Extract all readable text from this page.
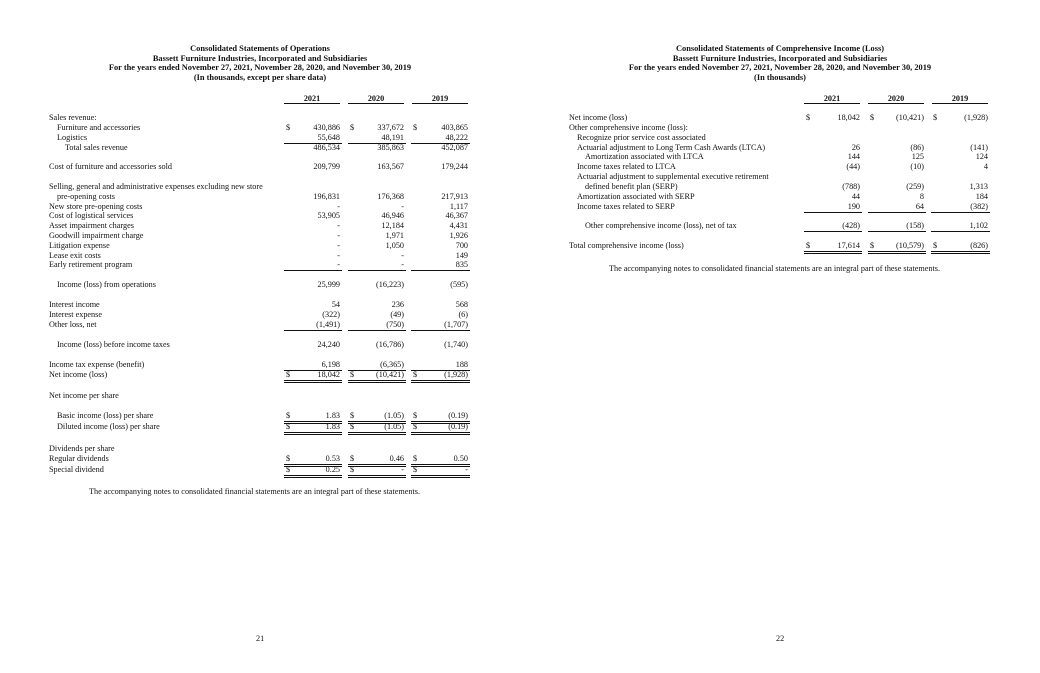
Consolidated Statements of Operations
Bassett Furniture Industries, Incorporated and Subsidiaries
For the years ended November 27, 2021, November 28, 2020, and November 30, 2019
(In thousands, except per share data)
2021	2020	2019
Sales revenue:
Furniture and accessories	$	430,886 $	337,672 $	403,865
Logistics	55,648	48,191	48,222
Total sales revenue	486,534	385,863	452,087
Cost of furniture and accessories sold	209,799	163,567	179,244
Selling, general and administrative expenses excluding new store
pre-opening costs	196,831	176,368	217,913
New store pre-opening costs	-	-	1,117
Cost of logistical services	53,905	46,946	46,367
Asset impairment charges	-	12,184	4,431
Goodwill impairment charge	-	1,971	1,926
Litigation expense	-	1,050	700
Lease exit costs	-	-	149
Early retirement program	-	-	835
Income (loss) from operations	25,999	(16,223)	(595)
Interest income	54	236	568
Interest expense	(322)	(49)	(6)
Other loss, net	(1,491)	(750)	(1,707)
Income (loss) before income taxes	24,240	(16,786)	(1,740)
Income tax expense (benefit)	6,198	(6,365)	188
Net income (loss)	$	18,042 $	(10,421) $	(1,928)
Net income per share
Basic income (loss) per share	$	1.83 $	(1.05) $	(0.19)
Diluted income (loss) per share	$	1.83 $	(1.05) $	(0.19)
Dividends per share
Regular dividends	$	0.53 $	0.46 $	0.50
Special dividend	$	0.25 $	- $	-
The accompanying notes to consolidated financial statements are an integral part of these statements.
21
Consolidated Statements of Comprehensive Income (Loss)
Bassett Furniture Industries, Incorporated and Subsidiaries
For the years ended November 27, 2021, November 28, 2020, and November 30, 2019
(In thousands)
2021	2020	2019
Net income (loss)	$	18,042 $	(10,421) $	(1,928)
Other comprehensive income (loss):
Recognize prior service cost associated
Actuarial adjustment to Long Term Cash Awards (LTCA)	26	(86)	(141)
Amortization associated with LTCA	144	125	124
Income taxes related to LTCA	(44)	(10)	4
Actuarial adjustment to supplemental executive retirement
defined benefit plan (SERP)	(788)	(259)	1,313
Amortization associated with SERP	44	8	184
Income taxes related to SERP	190	64	(382)
Other comprehensive income (loss), net of tax	(428)	(158)	1,102
Total comprehensive income (loss)	$	17,614 $	(10,579) $	(826)
The accompanying notes to consolidated financial statements are an integral part of these statements.
22
